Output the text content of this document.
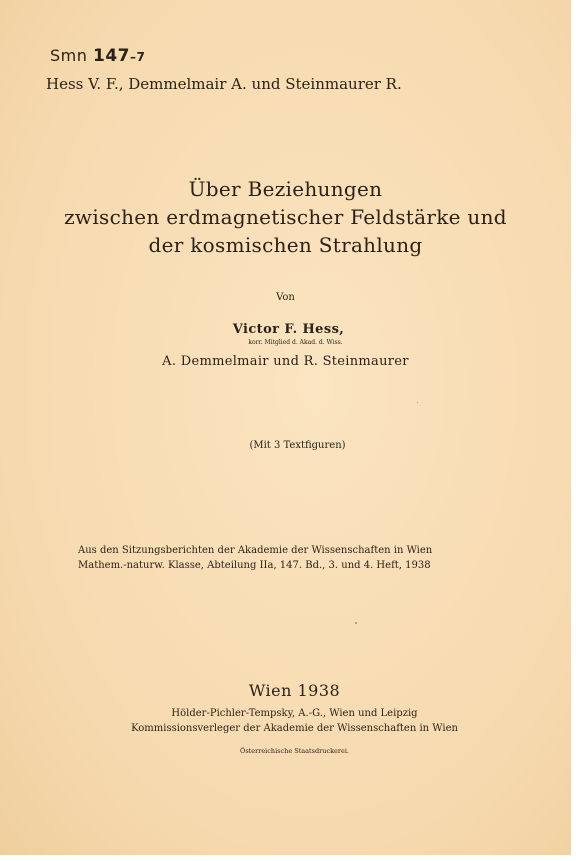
Smn 147–7
Hess V. F., Demmelmair A. und Steinmaurer R.
Über Beziehungen
zwischen erdmagnetischer Feldstärke und
der kosmischen Strahlung
Von
Victor F. Hess,
korr. Mitglied d. Akad. d. Wiss.
A. Demmelmair und R. Steinmaurer
(Mit 3 Textfiguren)
Aus den Sitzungsberichten der Akademie der Wissenschaften in Wien
Mathem.-naturw. Klasse, Abteilung IIa, 147. Bd., 3. und 4. Heft, 1938
Wien 1938
Hölder-Pichler-Tempsky, A.-G., Wien und Leipzig
Kommissionsverleger der Akademie der Wissenschaften in Wien
Österreichische Staatsdruckerei.
